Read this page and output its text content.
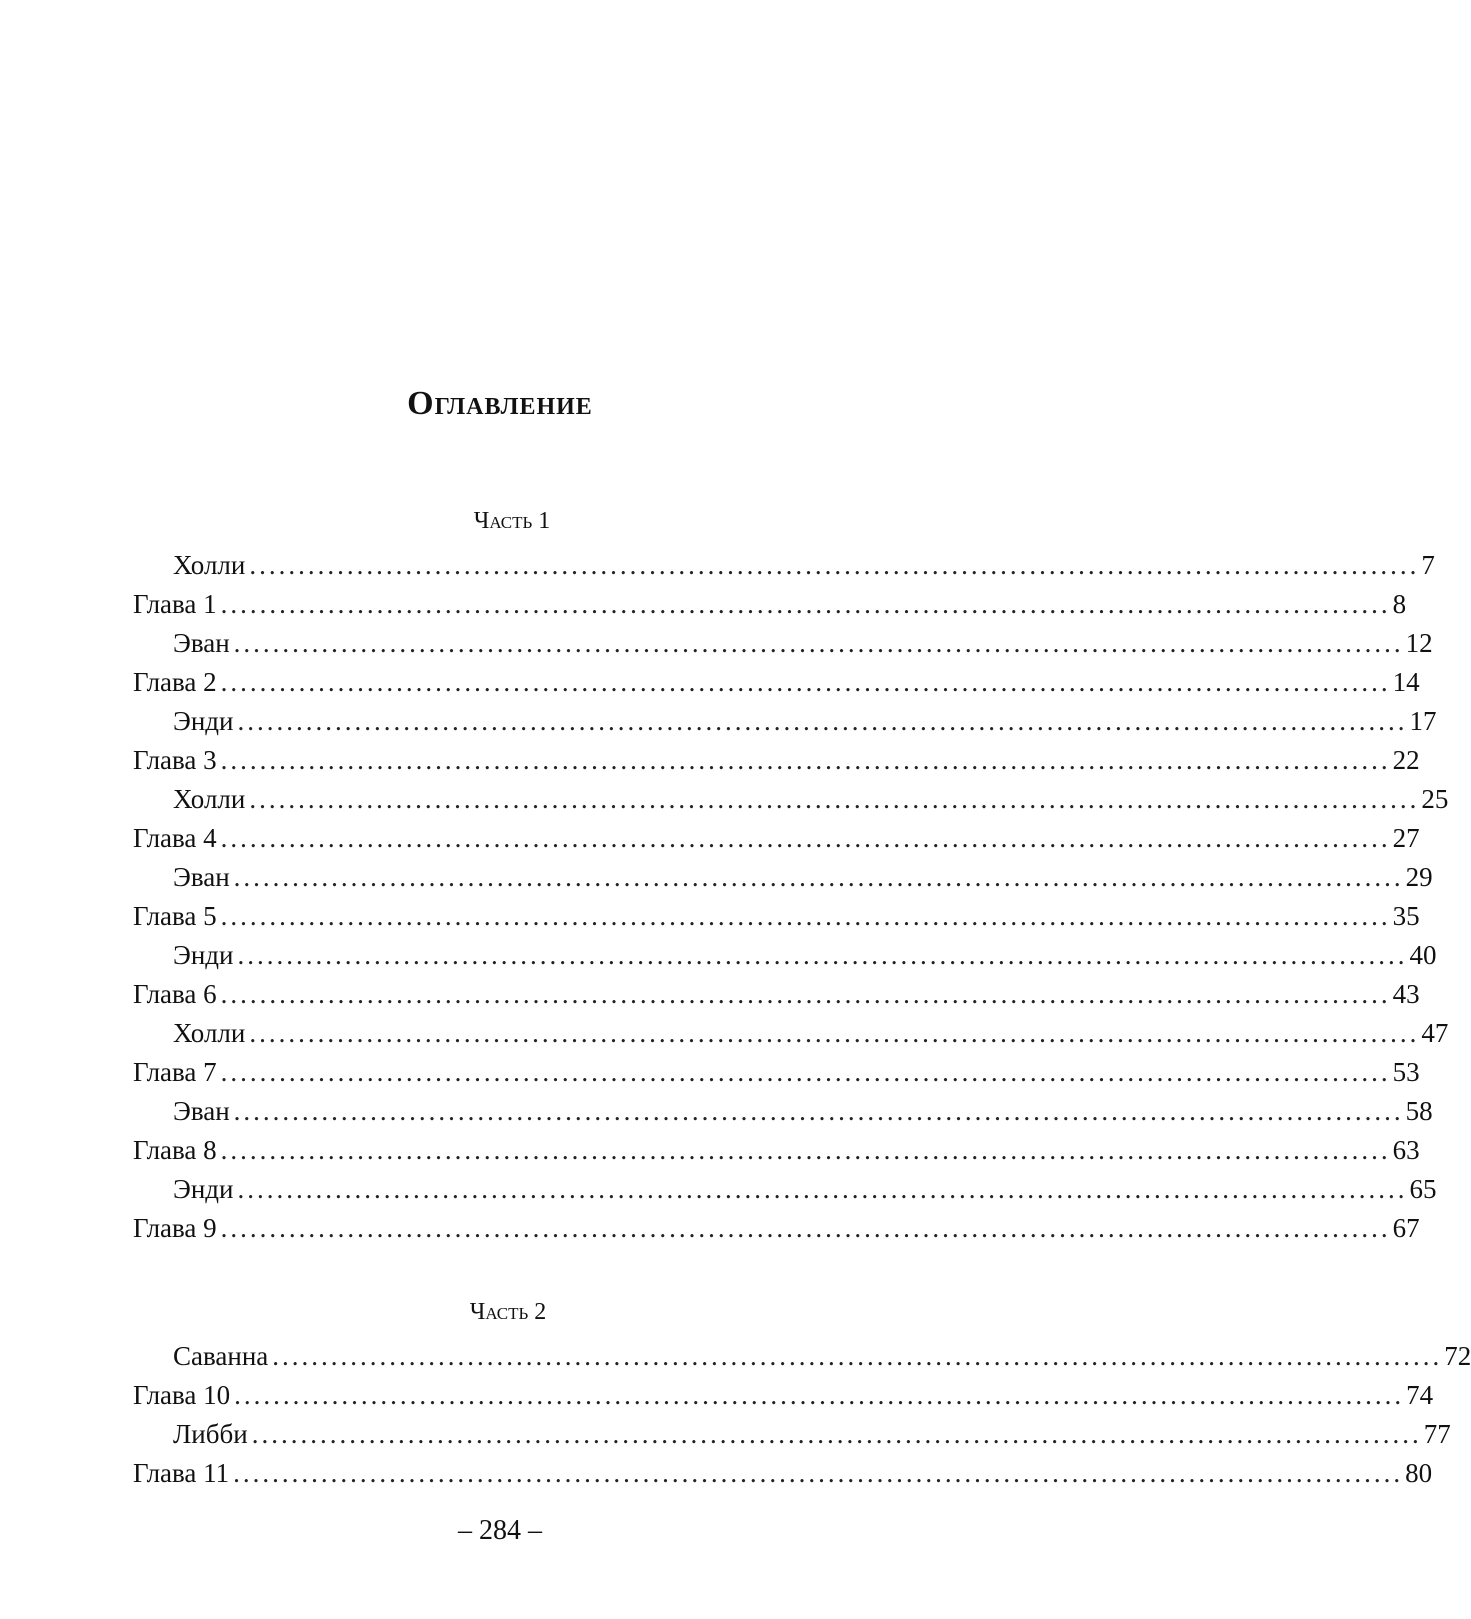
Оглавление
Часть 1
Холли ........................................................................................................................ 7
Глава 1 ........................................................................................................................ 8
Эван ........................................................................................................................ 12
Глава 2 ........................................................................................................................ 14
Энди ........................................................................................................................ 17
Глава 3 ........................................................................................................................ 22
Холли ........................................................................................................................ 25
Глава 4 ........................................................................................................................ 27
Эван ........................................................................................................................ 29
Глава 5 ........................................................................................................................ 35
Энди ........................................................................................................................ 40
Глава 6 ........................................................................................................................ 43
Холли ........................................................................................................................ 47
Глава 7 ........................................................................................................................ 53
Эван ........................................................................................................................ 58
Глава 8 ........................................................................................................................ 63
Энди ........................................................................................................................ 65
Глава 9 ........................................................................................................................ 67
Часть 2
Саванна ........................................................................................................................ 72
Глава 10 ........................................................................................................................ 74
Либби ........................................................................................................................ 77
Глава 11 ........................................................................................................................ 80
– 284 –
